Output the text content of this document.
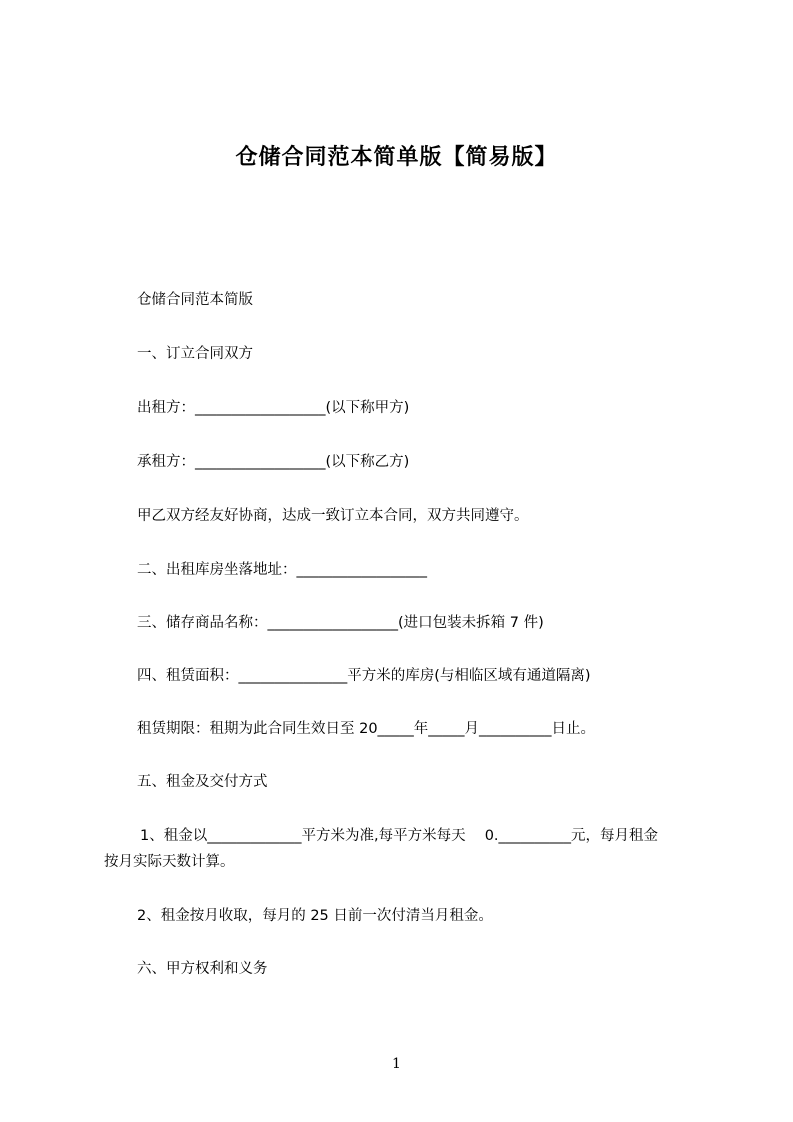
仓储合同范本简单版【简易版】
仓储合同范本简版
一、订立合同双方
出租方：__________________(以下称甲方)
承租方：__________________(以下称乙方)
甲乙双方经友好协商，达成一致订立本合同，双方共同遵守。
二、出租库房坐落地址：__________________
三、储存商品名称：__________________(进口包装未拆箱 7 件)
四、租赁面积：_______________平方米的库房(与相临区域有通道隔离)
租赁期限：租期为此合同生效日至 20_____年_____月__________日止。
五、租金及交付方式
1、租金以_____________平方米为准,每平方米每天　 0.__________元，每月租金
按月实际天数计算。
2、租金按月收取，每月的 25 日前一次付清当月租金。
六、甲方权利和义务
1
